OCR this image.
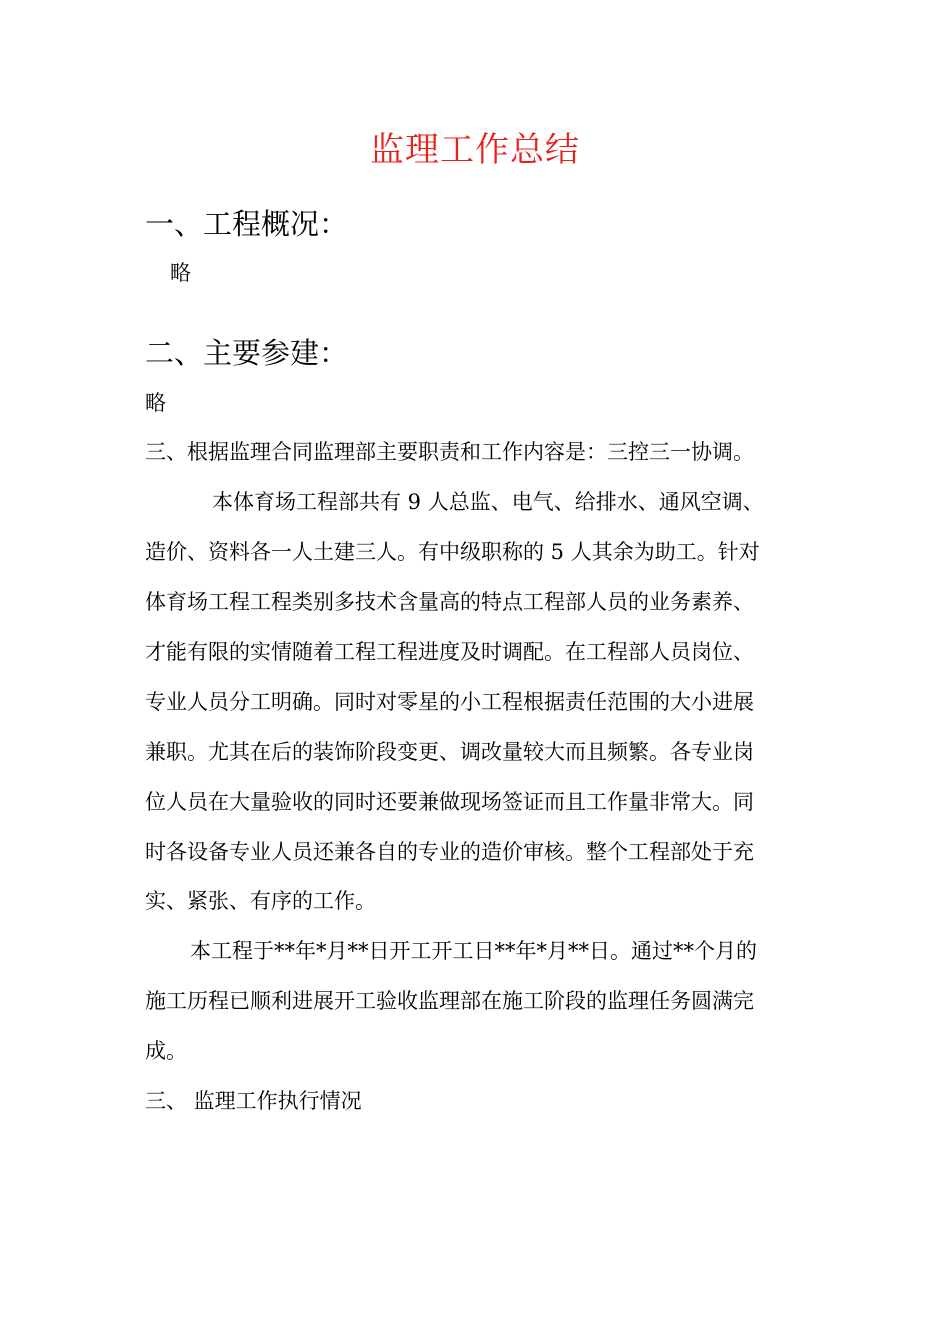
监理工作总结
一、工程概况：
略
二、主要参建：
略
三、根据监理合同监理部主要职责和工作内容是：三控三一协调。
本体育场工程部共有 9 人总监、电气、给排水、通风空调、
造价、资料各一人土建三人。有中级职称的 5 人其余为助工。针对
体育场工程工程类别多技术含量高的特点工程部人员的业务素养、
才能有限的实情随着工程工程进度及时调配。在工程部人员岗位、
专业人员分工明确。同时对零星的小工程根据责任范围的大小进展
兼职。尤其在后的装饰阶段变更、调改量较大而且频繁。各专业岗
位人员在大量验收的同时还要兼做现场签证而且工作量非常大。同
时各设备专业人员还兼各自的专业的造价审核。整个工程部处于充
实、紧张、有序的工作。
本工程于**年*月**日开工开工日**年*月**日。通过**个月的
施工历程已顺利进展开工验收监理部在施工阶段的监理任务圆满完
成。
三、 监理工作执行情况
